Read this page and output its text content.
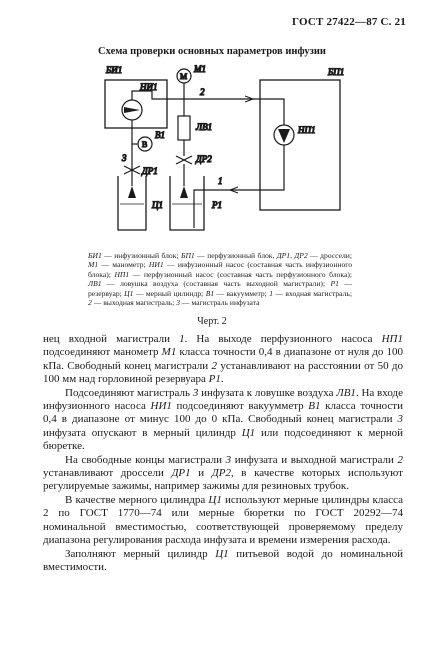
ГОСТ 27422—87 С. 21
Схема проверки основных параметров инфузии
M
В
БИ1
НИ1
М1
2
БП1
НП1
ЛВ1
В1
ДР2
3
ДР1
1
Р1
Ц1
БИ1 — инфузионный блок; БП1 — перфузионный блок, ДР1, ДР2 — дроссели; М1 — манометр; НИ1 — инфузионный насос (составная часть инфузионного блока); НП1 — перфузионный насос (составная часть перфузионного блока); ЛВ1 — ловушка воздуха (составная часть выходной магистрали); Р1 — резервуар; Ц1 — мерный цилиндр; В1 — вакуумметр; 1 — входная магистраль; 2 — выходная магистраль; 3 — магистраль инфузата
Черт. 2

нец входной магистрали 1. На выходе перфузионного насоса НП1 подсоединяют манометр М1 класса точности 0,4 в диапазоне от нуля до 100 кПа. Свободный конец магистрали 2 устанавливают на расстоянии от 50 до 100 мм над горловиной резервуара Р1.

Подсоединяют магистраль 3 инфузата к ловушке воздуха ЛВ1. На входе инфузионного насоса НИ1 подсоединяют вакуумметр В1 класса точности 0,4 в диапазоне от минус 100 до 0 кПа. Свободный конец магистрали 3 инфузата опускают в мерный цилиндр Ц1 или подсоединяют к мерной бюретке.

На свободные концы магистрали 3 инфузата и выходной магистрали 2 устанавливают дроссели ДР1 и ДР2, в качестве которых используют регулируемые зажимы, например зажимы для резиновых трубок.

В качестве мерного цилиндра Ц1 используют мерные цилиндры класса 2 по ГОСТ 1770—74 или мерные бюретки по ГОСТ 20292—74 номинальной вместимостью, соответствующей проверяемому пределу диапазона регулирования расхода инфузата и времени измерения расхода.

Заполняют мерный цилиндр Ц1 питьевой водой до номинальной вместимости.
